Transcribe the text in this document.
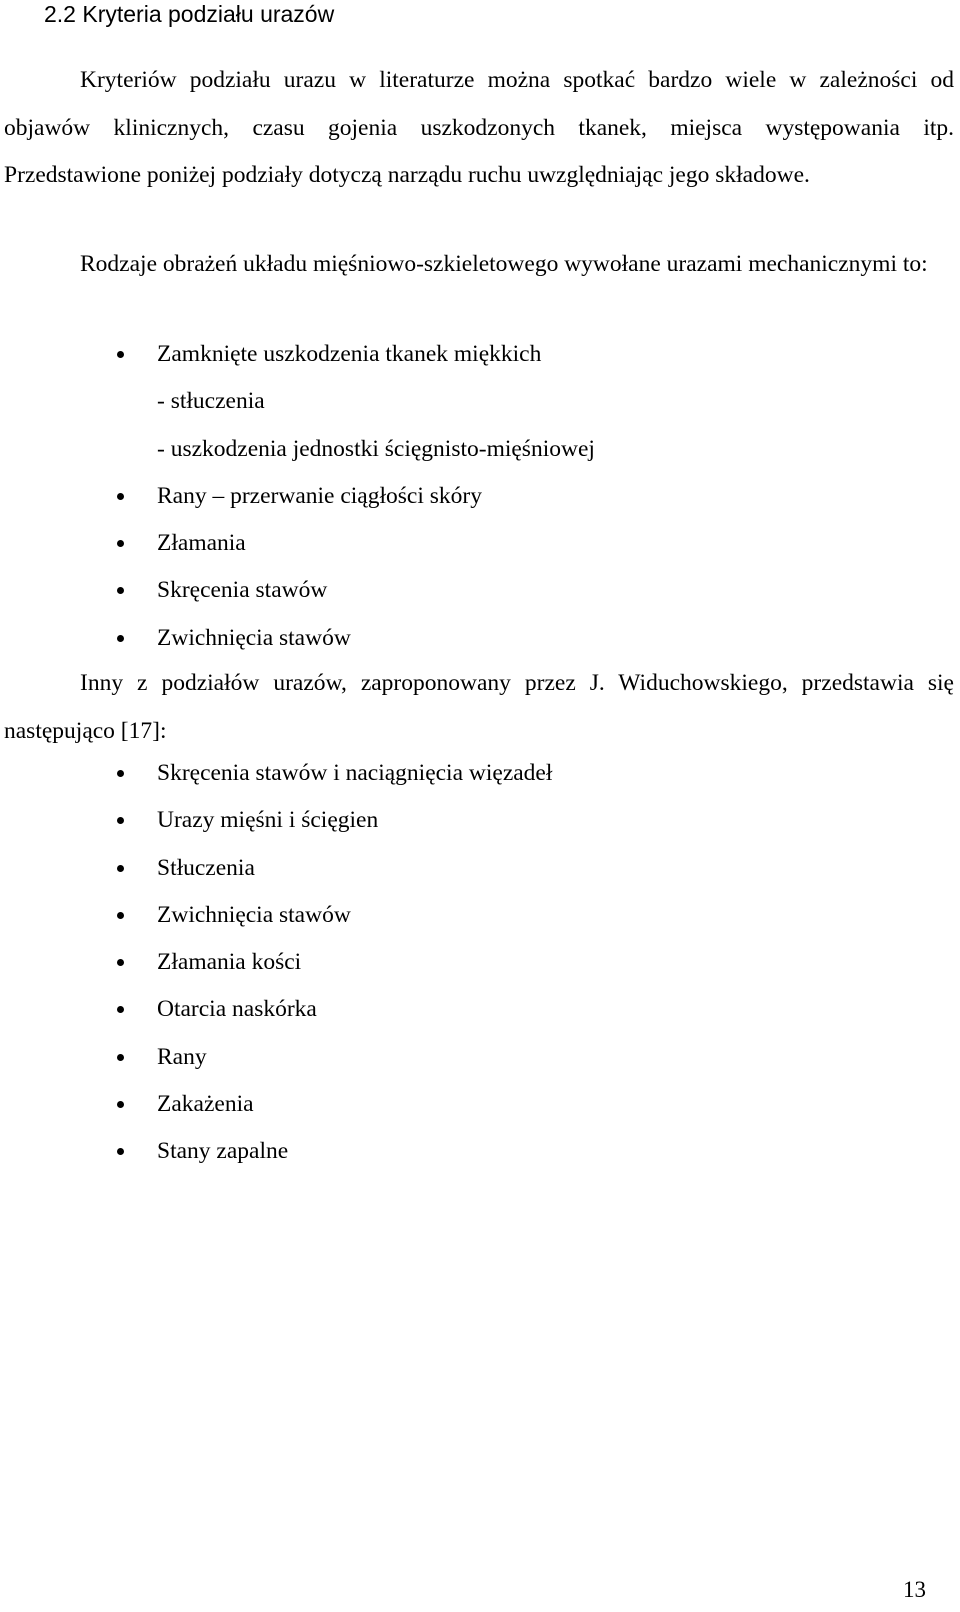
2.2 Kryteria podziału urazów

Kryteriów podziału urazu w literaturze można spotkać bardzo wiele w zależności od objawów klinicznych, czasu gojenia uszkodzonych tkanek, miejsca występowania itp. Przedstawione poniżej podziały dotyczą narządu ruchu uwzględniając jego składowe.

Rodzaje obrażeń układu mięśniowo-szkieletowego wywołane urazami mechanicznymi to:

Zamknięte uszkodzenia tkanek miękkich
- stłuczenia
- uszkodzenia jednostki ścięgnisto-mięśniowej
Rany – przerwanie ciągłości skóry
Złamania
Skręcenia stawów
Zwichnięcia stawów

Inny z podziałów urazów, zaproponowany przez J. Widuchowskiego, przedstawia się następująco [17]:

Skręcenia stawów i naciągnięcia więzadeł
Urazy mięśni i ścięgien
Stłuczenia
Zwichnięcia stawów
Złamania kości
Otarcia naskórka
Rany
Zakażenia
Stany zapalne
13
